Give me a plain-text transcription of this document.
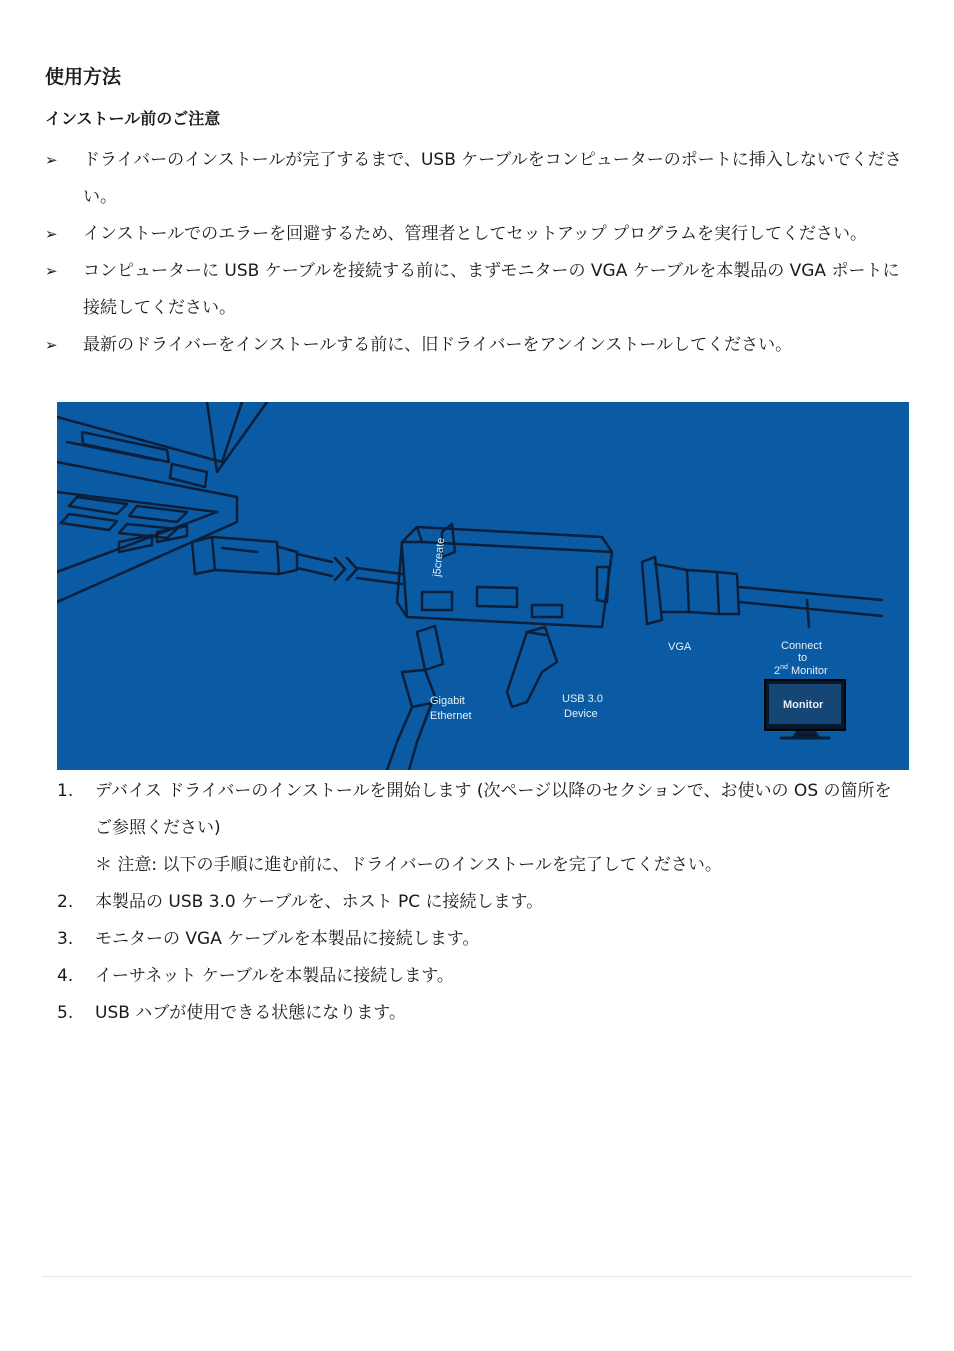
使用方法
インストール前のご注意
➢ ドライバーのインストールが完了するまで、USB ケーブルをコンピューターのポートに挿入しないでください。
➢ インストールでのエラーを回避するため、管理者としてセットアップ プログラムを実行してください。
➢ コンピューターに USB ケーブルを接続する前に、まずモニターの VGA ケーブルを本製品の VGA ポートに接続してください。
➢ 最新のドライバーをインストールする前に、旧ドライバーをアンインストールしてください。
j5create
Gigabit
Ethernet
USB 3.0
Device
VGA	Connect
to
2nd Monitor
Monitor
1. デバイス ドライバーのインストールを開始します (次ページ以降のセクションで、お使いの OS の箇所をご参照ください)
＊ 注意: 以下の手順に進む前に、ドライバーのインストールを完了してください。
2. 本製品の USB 3.0 ケーブルを、ホスト PC に接続します。
3. モニターの VGA ケーブルを本製品に接続します。
4. イーサネット ケーブルを本製品に接続します。
5. USB ハブが使用できる状態になります。
